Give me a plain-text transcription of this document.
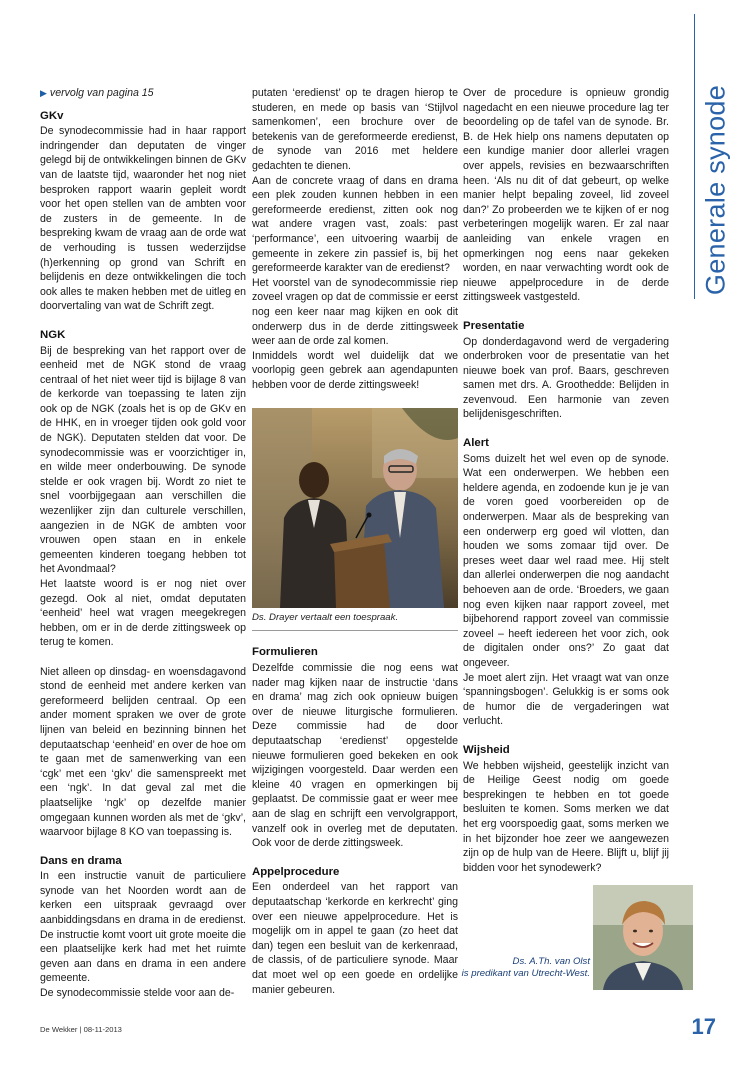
Generale synode

▶ vervolg van pagina 15

GKv

De synodecommissie had in haar rapport indringender dan deputaten de vinger gelegd bij de ontwikkelingen binnen de GKv van de laatste tijd, waaronder het nog niet besproken rapport waarin gepleit wordt voor het open stellen van de ambten voor de zusters in de gemeente. In de bespreking kwam de vraag aan de orde wat de verhouding is tussen wederzijdse (h)erkenning op grond van Schrift en belijdenis en deze ontwikkelingen die toch ook alles te maken hebben met de uitleg en doorvertaling van wat de Schrift zegt.

NGK

Bij de bespreking van het rapport over de eenheid met de NGK stond de vraag centraal of het niet weer tijd is bijlage 8 van de kerkorde van toepassing te laten zijn ook op de NGK (zoals het is op de GKv en de HHK, en in vroeger tijden ook gold voor de NGK). Deputaten stelden dat voor. De synodecommissie was er voorzichtiger in, en wilde meer onderbouwing. De synode stelde er ook vragen bij. Wordt zo niet te snel voorbijgegaan aan verschillen die wezenlijker zijn dan culturele verschillen, aangezien in de NGK de ambten voor vrouwen open staan en in enkele gemeenten kinderen toegang hebben tot het Avondmaal?

Het laatste woord is er nog niet over gezegd. Ook al niet, omdat deputaten ‘eenheid’ heel wat vragen meegekregen hebben, om er in de derde zittingsweek op terug te komen.

Niet alleen op dinsdag- en woensdagavond stond de eenheid met andere kerken van gereformeerd belijden centraal. Op een ander moment spraken we over de grote lijnen van beleid en bezinning binnen het deputaatschap ‘eenheid’ en over de hoe om te gaan met de samenwerking van een ‘cgk’ met een ‘gkv’ die samenspreekt met een ‘ngk’. In dat geval zal met die plaatselijke ‘ngk’ op dezelfde manier omgegaan kunnen worden als met de ‘gkv’, waarvoor bijlage 8 KO van toepassing is.

Dans en drama

In een instructie vanuit de particuliere synode van het Noorden wordt aan de kerken een uitspraak gevraagd over aanbiddingsdans en drama in de eredienst. De instructie komt voort uit grote moeite die een plaatselijke kerk had met het ruimte geven aan dans en drama in een andere gemeente.

De synodecommissie stelde voor aan de-

putaten ‘eredienst’ op te dragen hierop te studeren, en mede op basis van ‘Stijlvol samenkomen’, een brochure over de betekenis van de gereformeerde eredienst, de synode van 2016 met heldere gedachten te dienen.

Aan de concrete vraag of dans en drama een plek zouden kunnen hebben in een gereformeerde eredienst, zitten ook nog wat andere vragen vast, zoals: past ‘performance’, een uitvoering waarbij de gemeente in zekere zin passief is, bij het gereformeerde karakter van de eredienst?

Het voorstel van de synodecommissie riep zoveel vragen op dat de commissie er eerst nog een keer naar mag kijken en ook dit onderwerp dus in de derde zittingsweek weer aan de orde zal komen.

Inmiddels wordt wel duidelijk dat we voorlopig geen gebrek aan agendapunten hebben voor de derde zittingsweek!

Ds. Drayer vertaalt een toespraak.
Formulieren

Dezelfde commissie die nog eens wat nader mag kijken naar de instructie ‘dans en drama’ mag zich ook opnieuw buigen over de nieuwe liturgische formulieren. Deze commissie had de door deputaatschap ‘eredienst’ opgestelde nieuwe formulieren goed bekeken en ook wijzigingen voorgesteld. Daar werden een kleine 40 vragen en opmerkingen bij geplaatst. De commissie gaat er weer mee aan de slag en schrijft een vervolgrapport, vanzelf ook in overleg met de deputaten. Ook voor de derde zittingsweek.

Appelprocedure

Een onderdeel van het rapport van deputaatschap ‘kerkorde en kerkrecht’ ging over een nieuwe appelprocedure. Het is mogelijk om in appel te gaan (zo heet dat dan) tegen een besluit van de kerkenraad, de classis, of de particuliere synode. Maar dat moet wel op een goede en ordelijke manier gebeuren.

Over de procedure is opnieuw grondig nagedacht en een nieuwe procedure lag ter beoordeling op de tafel van de synode. Br. B. de Hek hielp ons namens deputaten op een kundige manier door allerlei vragen over appels, revisies en bezwaarschriften heen. ‘Als nu dit of dat gebeurt, op welke manier helpt bepaling zoveel, lid zoveel dan?’ Zo probeerden we te kijken of er nog verbeteringen mogelijk waren. Er zal naar aanleiding van enkele vragen en opmerkingen nog eens naar gekeken worden, en naar verwachting wordt ook de nieuwe appelprocedure in de derde zittingsweek vastgesteld.

Presentatie

Op donderdagavond werd de vergadering onderbroken voor de presentatie van het nieuwe boek van prof. Baars, geschreven samen met drs. A. Groothedde: Belijden in zevenvoud. Een harmonie van zeven belijdenisgeschriften.

Alert

Soms duizelt het wel even op de synode. Wat een onderwerpen. We hebben een heldere agenda, en zodoende kun je je van de voren goed voorbereiden op de onderwerpen. Maar als de bespreking van een onderwerp erg goed wil vlotten, dan houden we soms zomaar tijd over. De preses weet daar wel raad mee. Hij stelt dan allerlei onderwerpen die nog aandacht behoeven aan de orde. ‘Broeders, we gaan nog even kijken naar rapport zoveel, met bijbehorend rapport zoveel van commissie zoveel – heeft iedereen het voor zich, ook de digitalen onder ons?’ Zo gaat dat ongeveer.

Je moet alert zijn. Het vraagt wat van onze ‘spanningsbogen’. Gelukkig is er soms ook de humor die de vergaderingen wat verlucht.

Wijsheid

We hebben wijsheid, geestelijk inzicht van de Heilige Geest nodig om goede besprekingen te hebben en tot goede besluiten te komen. Soms merken we dat het erg voorspoedig gaat, soms merken we in het bijzonder hoe zeer we aangewezen zijn op de hulp van de Heere. Blijft u, blijf jij bidden voor het synodewerk?

Ds. A.Th. van Olst
is predikant van Utrecht-West.
De Wekker | 08-11-2013	17
